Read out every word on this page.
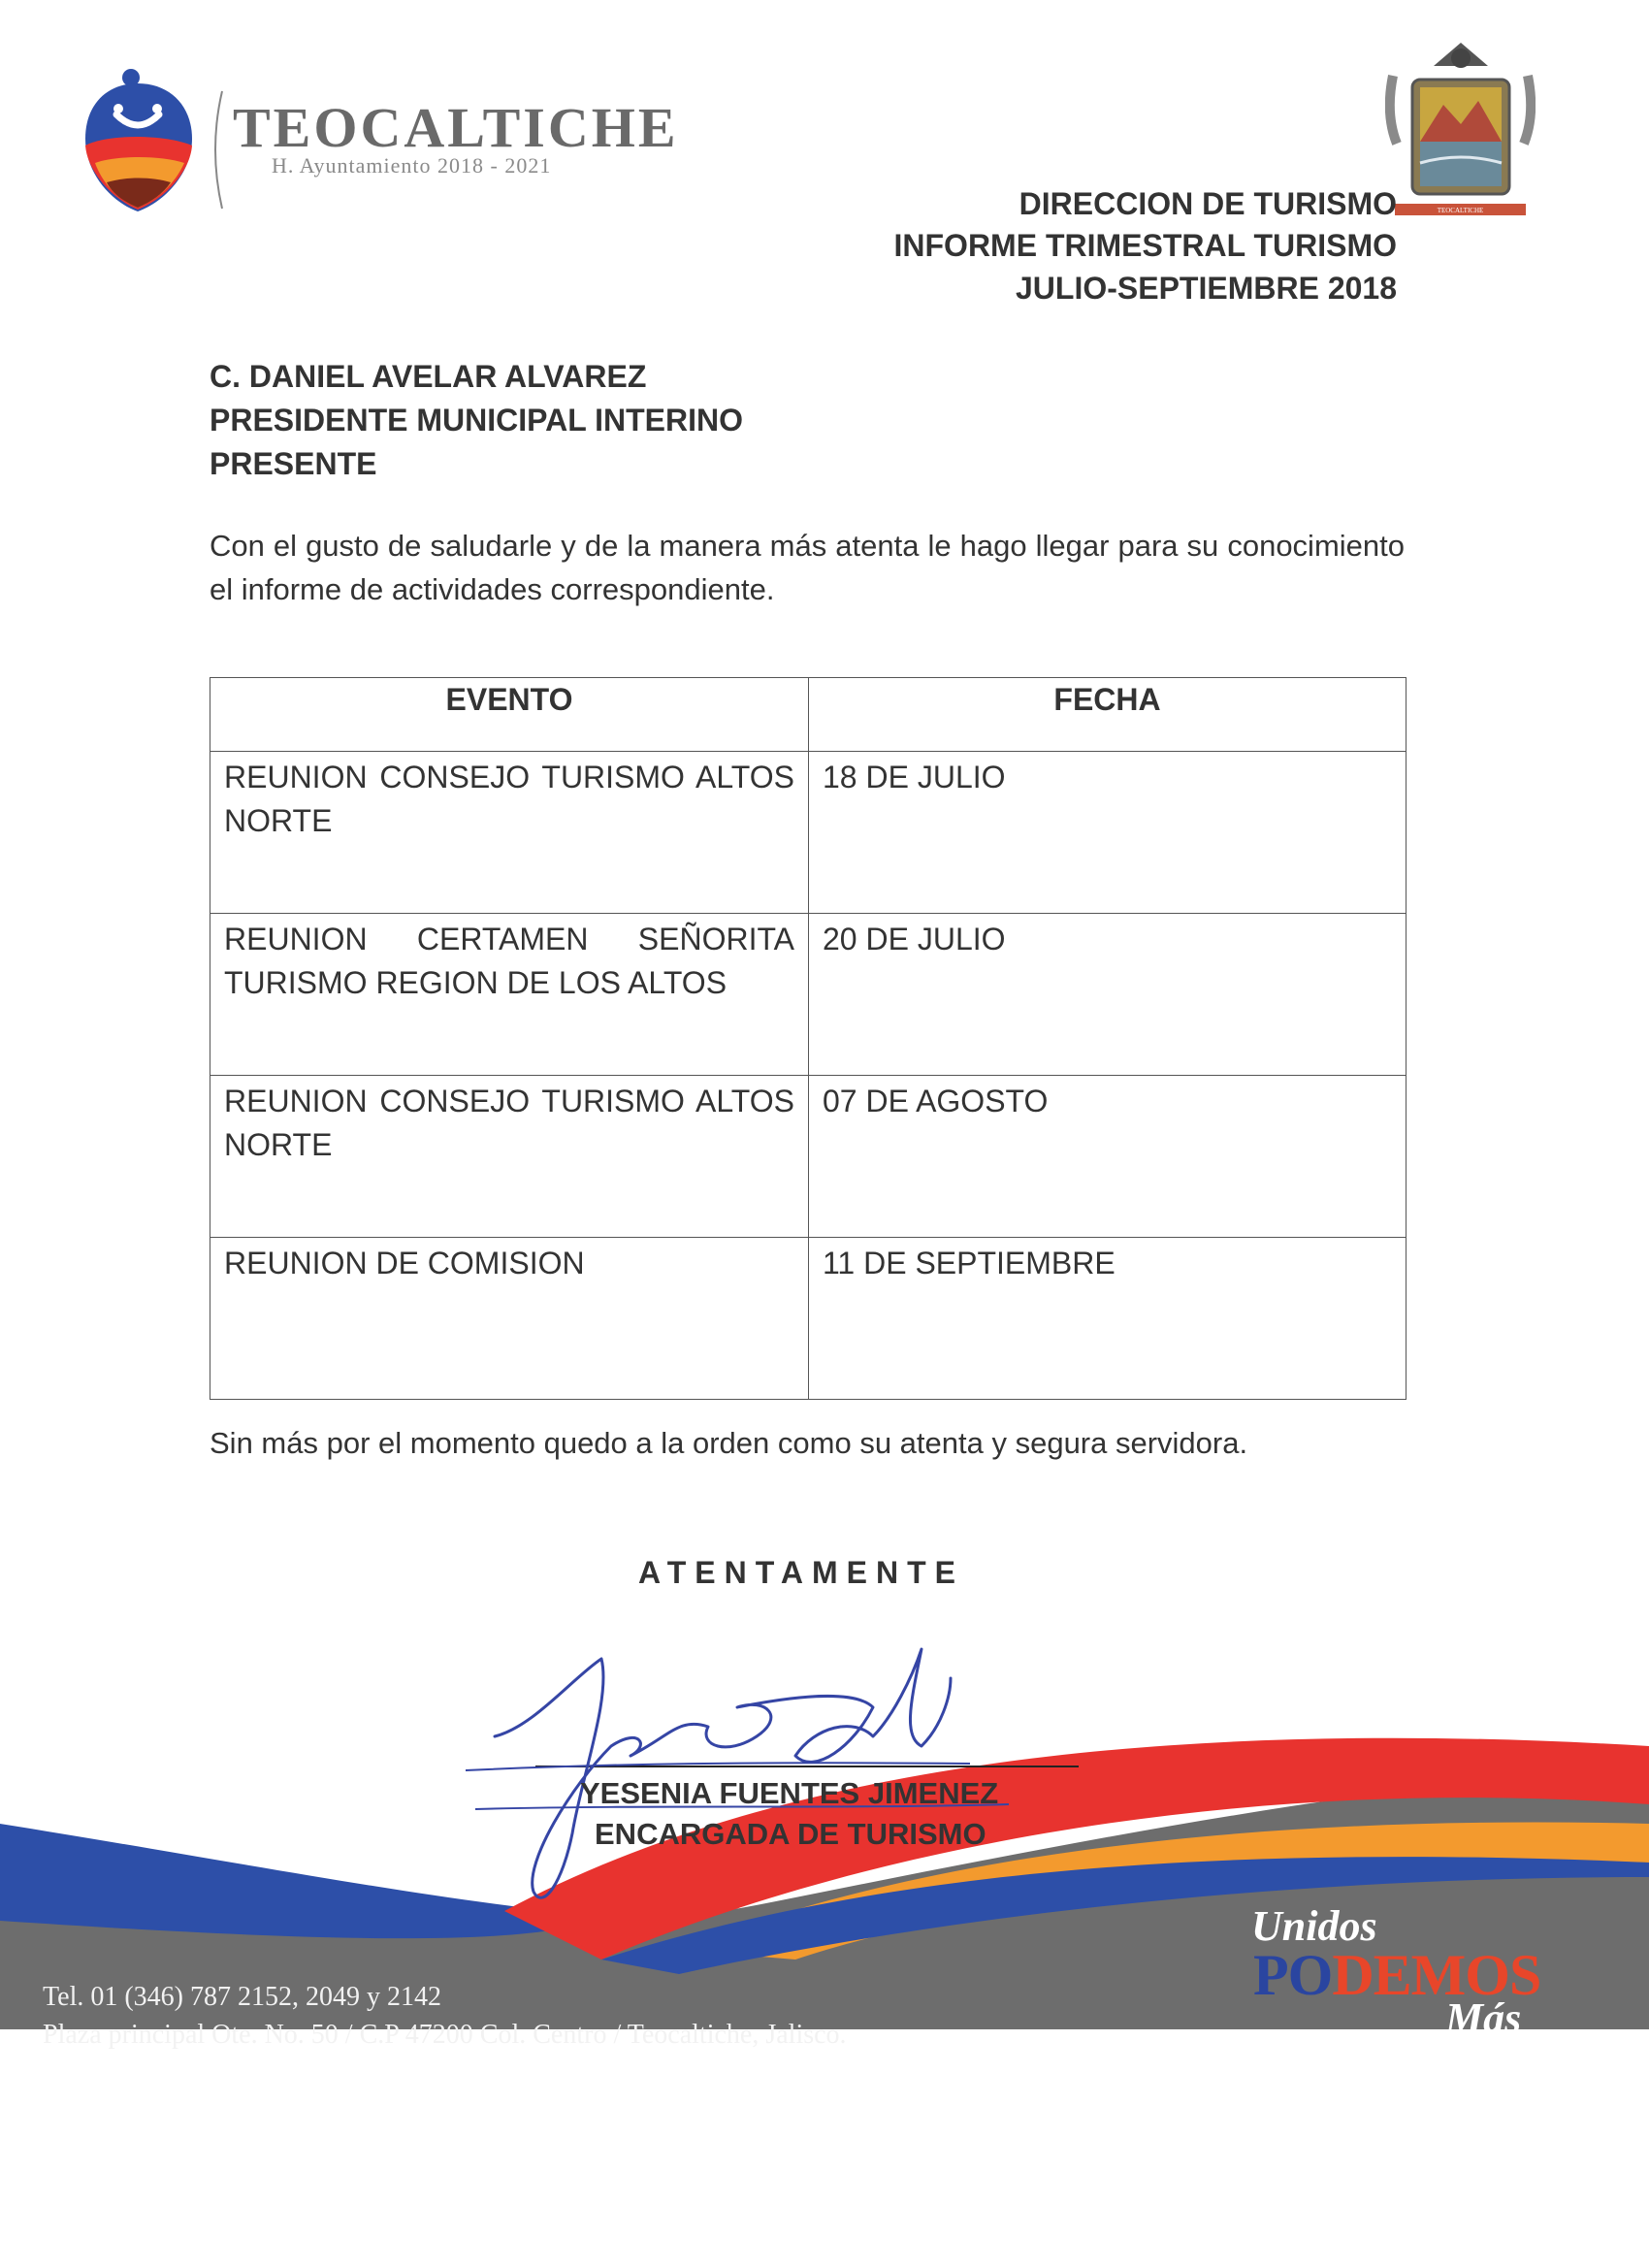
TEOCALTICHE
H. Ayuntamiento 2018 - 2021
TEOCALTICHE
DIRECCION DE TURISMO
INFORME TRIMESTRAL TURISMO
JULIO-SEPTIEMBRE 2018
C. DANIEL AVELAR ALVAREZ
PRESIDENTE MUNICIPAL INTERINO
PRESENTE
Con el gusto de saludarle y de la manera más atenta le hago llegar para su conocimiento el informe de actividades correspondiente.
EVENTO	FECHA
REUNION CONSEJO TURISMO ALTOS NORTE	18 DE JULIO
REUNION CERTAMEN SEÑORITA TURISMO REGION DE LOS ALTOS	20 DE JULIO
REUNION CONSEJO TURISMO ALTOS NORTE	07 DE AGOSTO
REUNION DE COMISION	11 DE SEPTIEMBRE
Sin más por el momento quedo a la orden como su atenta y segura servidora.
ATENTAMENTE
YESENIA FUENTES JIMENEZ
ENCARGADA DE TURISMO
Tel. 01 (346) 787 2152, 2049 y 2142
Plaza principal Ote. No. 50 / C.P 47200 Col. Centro / Teocaltiche, Jalisco.
Unidos
PODEMOS
Más
